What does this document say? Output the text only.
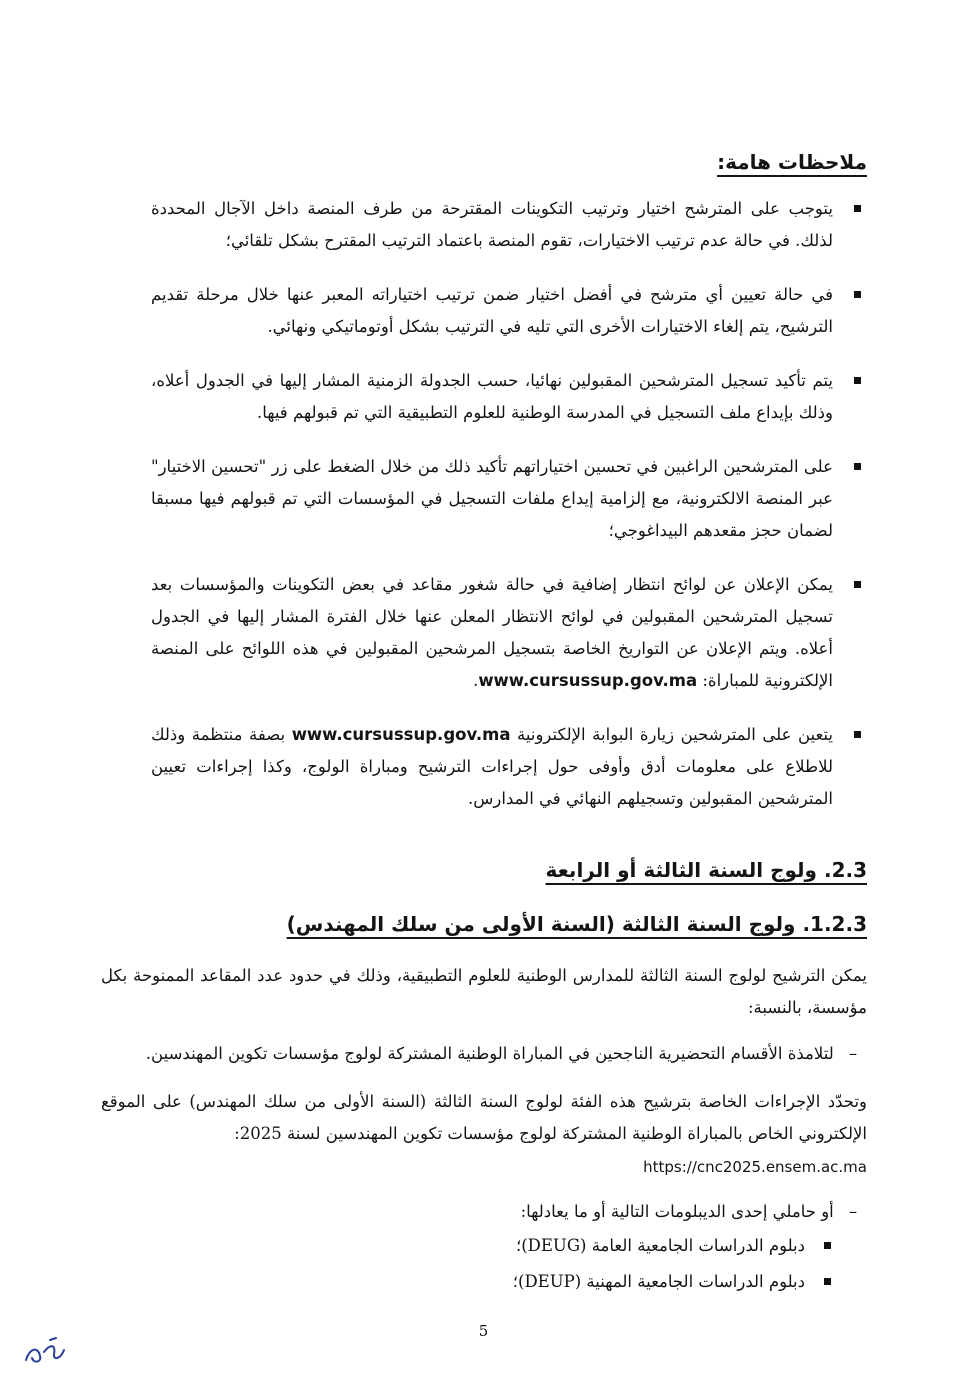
ملاحظات هامة:
يتوجب على المترشح اختيار وترتيب التكوينات المقترحة من طرف المنصة داخل الآجال المحددة لذلك. في حالة عدم ترتيب الاختيارات، تقوم المنصة باعتماد الترتيب المقترح بشكل تلقائي؛
في حالة تعيين أي مترشح في أفضل اختيار ضمن ترتيب اختياراته المعبر عنها خلال مرحلة تقديم الترشيح، يتم إلغاء الاختيارات الأخرى التي تليه في الترتيب بشكل أوتوماتيكي ونهائي.
يتم تأكيد تسجيل المترشحين المقبولين نهائيا، حسب الجدولة الزمنية المشار إليها في الجدول أعلاه، وذلك بإيداع ملف التسجيل في المدرسة الوطنية للعلوم التطبيقية التي تم قبولهم فيها.
على المترشحين الراغبين في تحسين اختياراتهم تأكيد ذلك من خلال الضغط على زر "تحسين الاختيار" عبر المنصة الالكترونية، مع إلزامية إيداع ملفات التسجيل في المؤسسات التي تم قبولهم فيها مسبقا لضمان حجز مقعدهم البيداغوجي؛
يمكن الإعلان عن لوائح انتظار إضافية في حالة شغور مقاعد في بعض التكوينات والمؤسسات بعد تسجيل المترشحين المقبولين في لوائح الانتظار المعلن عنها خلال الفترة المشار إليها في الجدول أعلاه. ويتم الإعلان عن التواريخ الخاصة بتسجيل المرشحين المقبولين في هذه اللوائح على المنصة الإلكترونية للمباراة: www.cursussup.gov.ma.
يتعين على المترشحين زيارة البوابة الإلكترونية www.cursussup.gov.ma بصفة منتظمة وذلك للاطلاع على معلومات أدق وأوفى حول إجراءات الترشيح ومباراة الولوج، وكذا إجراءات تعيين المترشحين المقبولين وتسجيلهم النهائي في المدارس.
2.3. ولوج السنة الثالثة أو الرابعة
1.2.3. ولوج السنة الثالثة (السنة الأولى من سلك المهندس)

يمكن الترشيح لولوج السنة الثالثة للمدارس الوطنية للعلوم التطبيقية، وذلك في حدود عدد المقاعد الممنوحة بكل مؤسسة، بالنسبة:

– لتلامذة الأقسام التحضيرية الناجحين في المباراة الوطنية المشتركة لولوج مؤسسات تكوين المهندسين.

وتحدّد الإجراءات الخاصة بترشيح هذه الفئة لولوج السنة الثالثة (السنة الأولى من سلك المهندس) على الموقع الإلكتروني الخاص بالمباراة الوطنية المشتركة لولوج مؤسسات تكوين المهندسين لسنة 2025:

https://cnc2025.ensem.ac.ma
– أو حاملي إحدى الديبلومات التالية أو ما يعادلها:
دبلوم الدراسات الجامعية العامة (DEUG)؛
دبلوم الدراسات الجامعية المهنية (DEUP)؛
5
